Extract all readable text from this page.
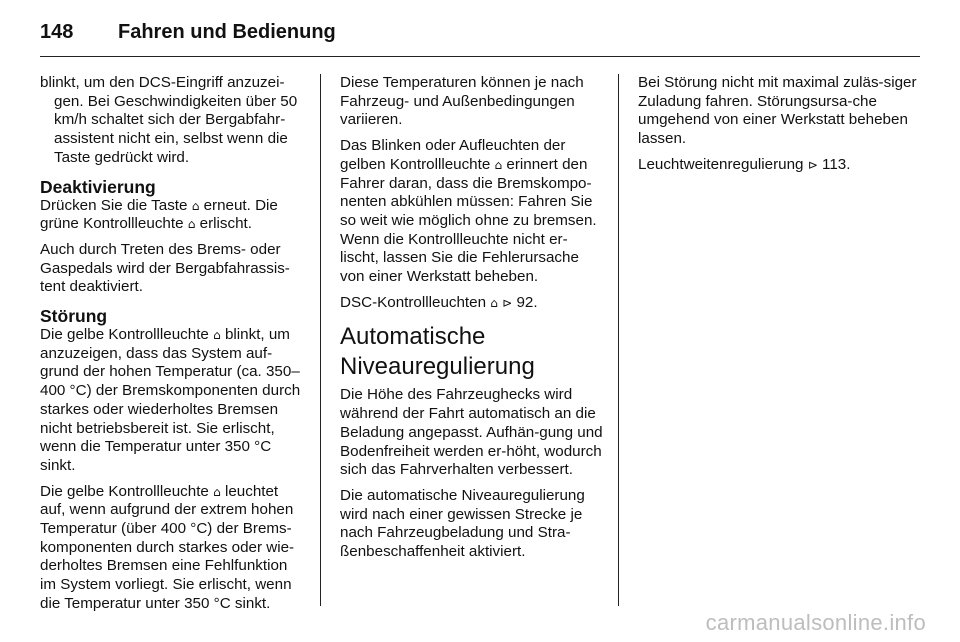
148	Fahren und Bedienung

blinkt, um den DCS-Eingriff anzuzei-gen. Bei Geschwindigkeiten über 50 km/h schaltet sich der Bergabfahr-assistent nicht ein, selbst wenn die Taste gedrückt wird.

Deaktivierung

Drücken Sie die Taste ⌂ erneut. Die grüne Kontrollleuchte ⌂ erlischt.

Auch durch Treten des Brems- oder Gaspedals wird der Bergabfahrassis-tent deaktiviert.

Störung

Die gelbe Kontrollleuchte ⌂ blinkt, um anzuzeigen, dass das System auf-grund der hohen Temperatur (ca. 350–400 °C) der Bremskomponenten durch starkes oder wiederholtes Bremsen nicht betriebsbereit ist. Sie erlischt, wenn die Temperatur unter 350 °C sinkt.

Die gelbe Kontrollleuchte ⌂ leuchtet auf, wenn aufgrund der extrem hohen Temperatur (über 400 °C) der Brems-komponenten durch starkes oder wie-derholtes Bremsen eine Fehlfunktion im System vorliegt. Sie erlischt, wenn die Temperatur unter 350 °C sinkt.

Diese Temperaturen können je nach Fahrzeug- und Außenbedingungen variieren.

Das Blinken oder Aufleuchten der gelben Kontrollleuchte ⌂ erinnert den Fahrer daran, dass die Bremskompo-nenten abkühlen müssen: Fahren Sie so weit wie möglich ohne zu bremsen. Wenn die Kontrollleuchte nicht er-lischt, lassen Sie die Fehlerursache von einer Werkstatt beheben.

DSC-Kontrollleuchten ⌂ ⊳ 92.

Automatische
Niveauregulierung

Die Höhe des Fahrzeughecks wird während der Fahrt automatisch an die Beladung angepasst. Aufhän-gung und Bodenfreiheit werden er-höht, wodurch sich das Fahrverhalten verbessert.

Die automatische Niveauregulierung wird nach einer gewissen Strecke je nach Fahrzeugbeladung und Stra-ßenbeschaffenheit aktiviert.

Bei Störung nicht mit maximal zuläs-siger Zuladung fahren. Störungsursa-che umgehend von einer Werkstatt beheben lassen.

Leuchtweitenregulierung ⊳ 113.

carmanualsonline.info
